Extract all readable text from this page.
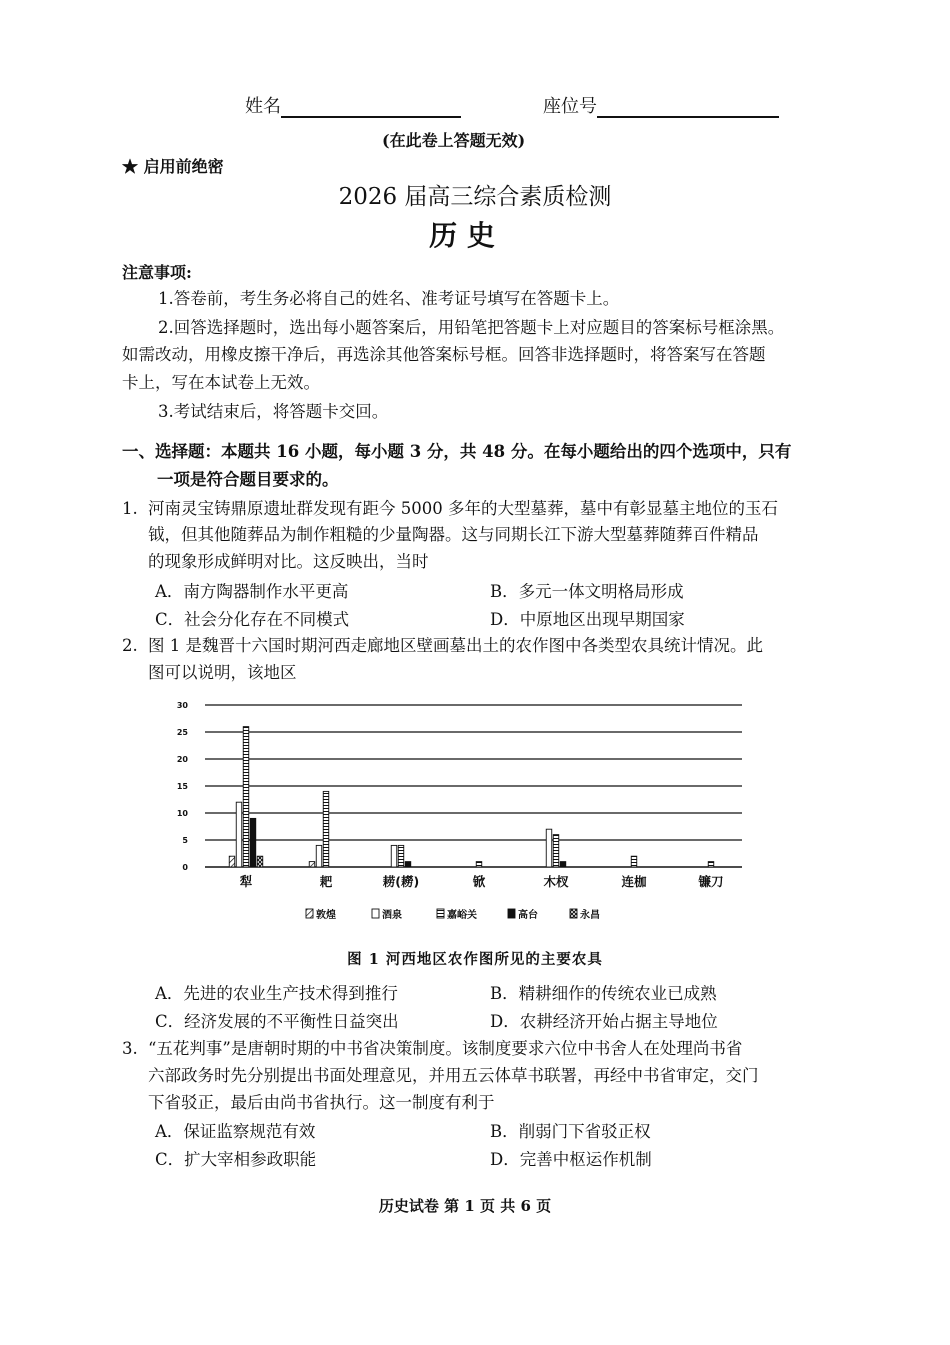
姓名	座位号
(在此卷上答题无效)
★ 启用前绝密
2026 届高三综合素质检测
历 史
注意事项:
1.答卷前，考生务必将自己的姓名、准考证号填写在答题卡上。
2.回答选择题时，选出每小题答案后，用铅笔把答题卡上对应题目的答案标号框涂黑。
如需改动，用橡皮擦干净后，再选涂其他答案标号框。回答非选择题时，将答案写在答题
卡上，写在本试卷上无效。
3.考试结束后，将答题卡交回。
一、选择题：本题共 16 小题，每小题 3 分，共 48 分。在每小题给出的四个选项中，只有
一项是符合题目要求的。
1. 河南灵宝铸鼎原遗址群发现有距今 5000 多年的大型墓葬，墓中有彰显墓主地位的玉石
钺，但其他随葬品为制作粗糙的少量陶器。这与同期长江下游大型墓葬随葬百件精品
的现象形成鲜明对比。这反映出，当时
A．南方陶器制作水平更高	B．多元一体文明格局形成
C．社会分化存在不同模式	D．中原地区出现早期国家
2. 图 1 是魏晋十六国时期河西走廊地区壁画墓出土的农作图中各类型农具统计情况。此
图可以说明，该地区
0
5
10
15
20
25
30
犁	耙	耢(耮)	锨	木杈	连枷	镰刀
敦煌	酒泉	嘉峪关	高台	永昌
图 1 河西地区农作图所见的主要农具
A．先进的农业生产技术得到推行	B．精耕细作的传统农业已成熟
C．经济发展的不平衡性日益突出	D．农耕经济开始占据主导地位
3. “五花判事”是唐朝时期的中书省决策制度。该制度要求六位中书舍人在处理尚书省
六部政务时先分别提出书面处理意见，并用五云体草书联署，再经中书省审定，交门
下省驳正，最后由尚书省执行。这一制度有利于
A．保证监察规范有效	B．削弱门下省驳正权
C．扩大宰相参政职能	D．完善中枢运作机制
历史试卷 第 1 页 共 6 页
